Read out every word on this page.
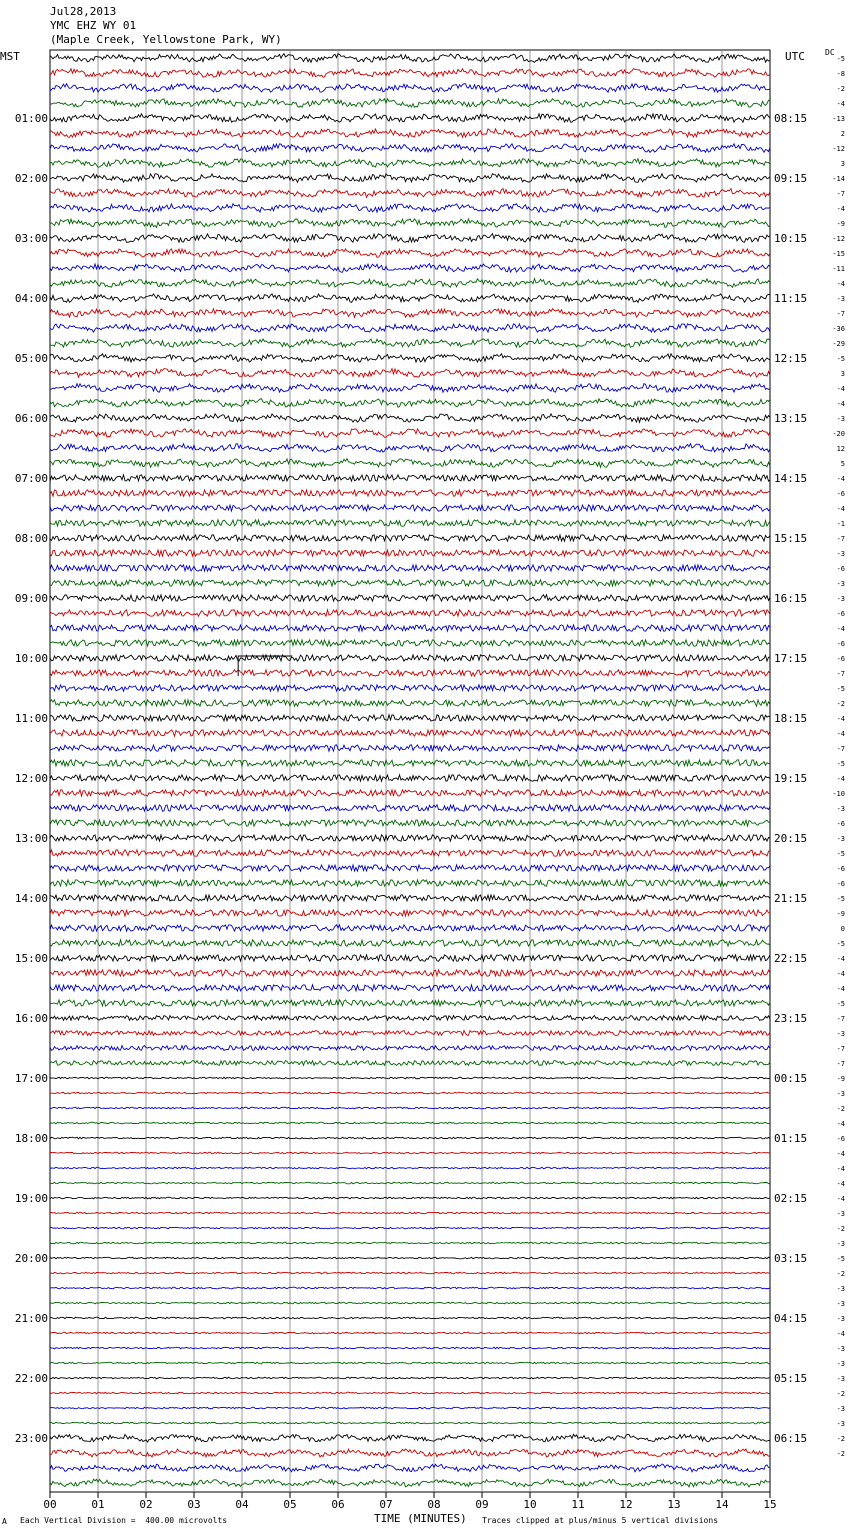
Jul28,2013
YMC EHZ WY 01
(Maple Creek, Yellowstone Park, WY)
MST	UTC	DC
00	01	02	03	04	05	06	07	08	09	10	11	12	13	14	15
-5
-8
-2
-4
01:00	08:15	-13
2
-12
3
02:00	09:15	-14
-7
-4
-9
03:00	10:15	-12
-15
-11
-4
04:00	11:15	-3
-7
-36
-29
05:00	12:15	-5
3
-4
-4
06:00	13:15	-3
-20
12
5
07:00	14:15	-4
-6
-4
-1
08:00	15:15	-7
-3
-6
-3
09:00	16:15	-3
-6
-4
-6
10:00	17:15	-6
-7
-5
-2
11:00	18:15	-4
-4
-7
-5
12:00	19:15	-4
-10
-3
-6
13:00	20:15	-3
-5
-6
-6
14:00	21:15	-5
-9
0
-5
15:00	22:15	-4
-4
-4
-5
16:00	23:15	-7
-3
-7
-7
17:00	00:15	-9
-3
-2
-4
18:00	01:15	-6
-4
-4
-4
19:00	02:15	-4
-3
-2
-3
20:00	03:15	-5
-2
-3
-3
21:00	04:15	-3
-4
-3
-3
22:00	05:15	-3
-2
-3
-3
23:00	06:15	-2
-2
TIME (MINUTES)
A Each Vertical Division =  400.00 microvolts	Traces clipped at plus/minus 5 vertical divisions
